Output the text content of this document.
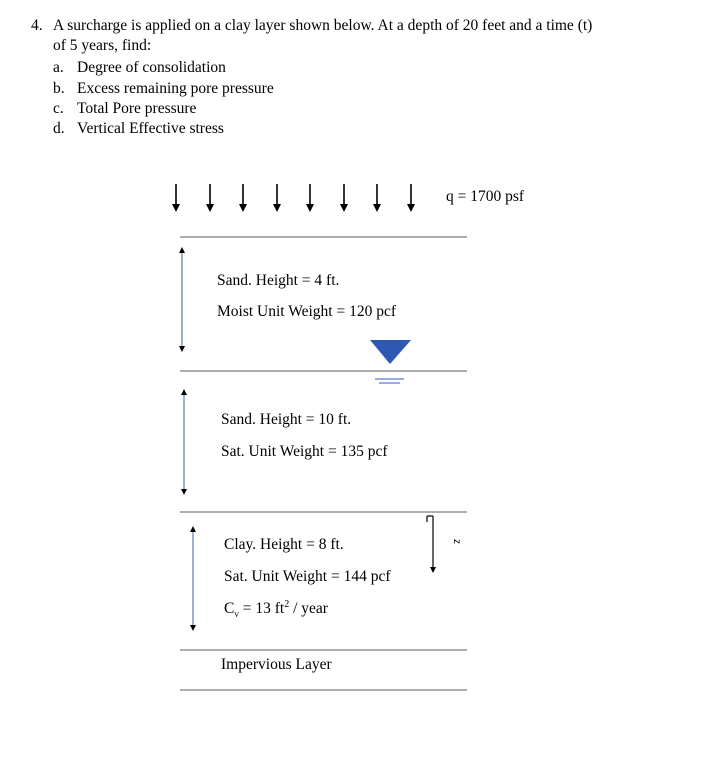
4. A surcharge is applied on a clay layer shown below. At a depth of 20 feet and a time (t)
of 5 years, find:
a. Degree of consolidation
b. Excess remaining pore pressure
c. Total Pore pressure
d. Vertical Effective stress
q = 1700 psf
Sand. Height = 4 ft.
Moist Unit Weight = 120 pcf
Sand. Height = 10 ft.
Sat. Unit Weight = 135 pcf
Clay. Height = 8 ft.
Sat. Unit Weight = 144 pcf
$C_v = 13$ $ft^2$ / year
Impervious Layer
z
